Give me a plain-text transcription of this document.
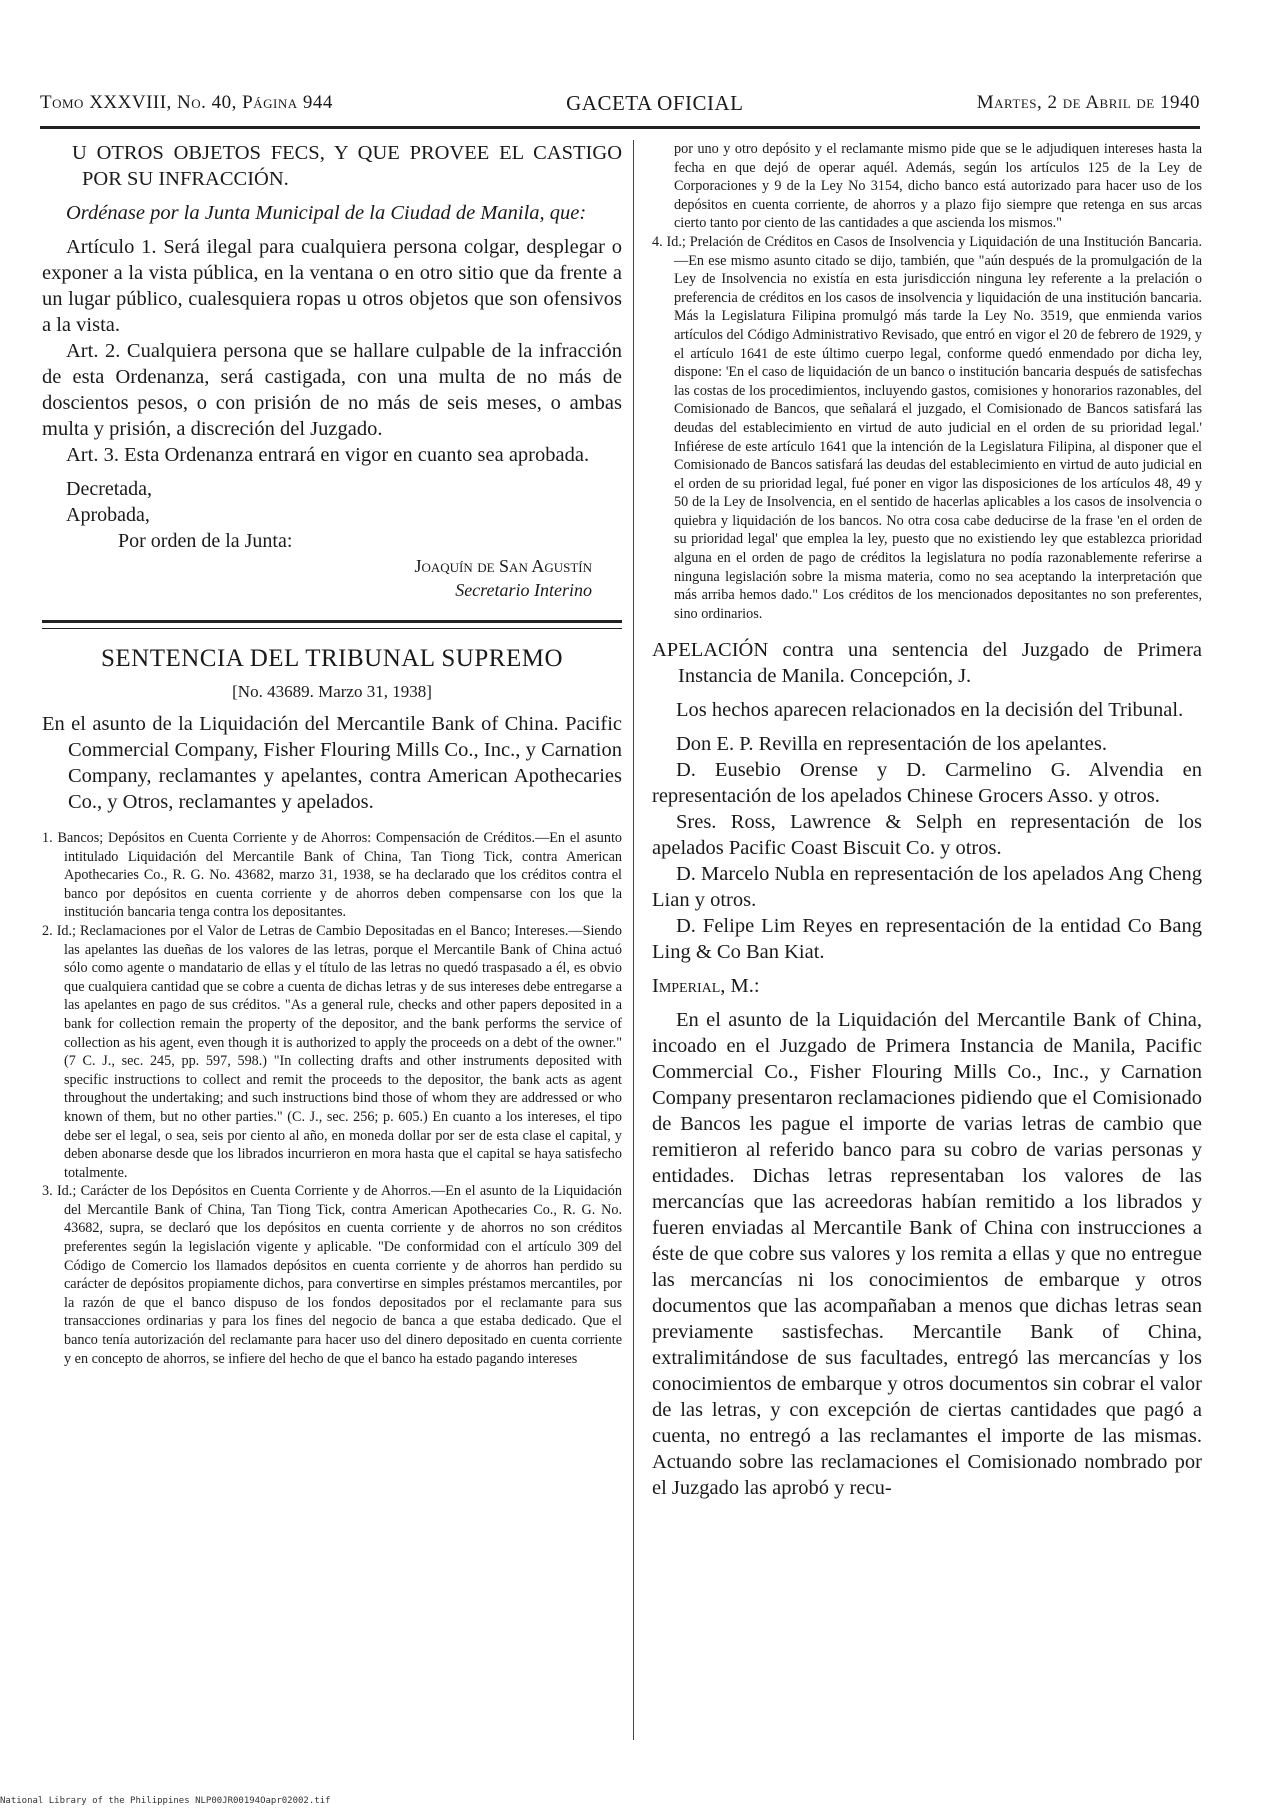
Tomo XXXVIII, No. 40, Página 944	GACETA OFICIAL	Martes, 2 de Abril de 1940

U OTROS OBJETOS FECS, Y QUE PROVEE EL CASTIGO POR SU INFRACCIÓN.

Ordénase por la Junta Municipal de la Ciudad de Manila, que:

Artículo 1. Será ilegal para cualquiera persona colgar, desplegar o exponer a la vista pública, en la ventana o en otro sitio que da frente a un lugar público, cualesquiera ropas u otros objetos que son ofensivos a la vista.

Art. 2. Cualquiera persona que se hallare culpable de la infracción de esta Ordenanza, será castigada, con una multa de no más de doscientos pesos, o con prisión de no más de seis meses, o ambas multa y prisión, a discreción del Juzgado.

Art. 3. Esta Ordenanza entrará en vigor en cuanto sea aprobada.

Decretada,

Aprobada,

Por orden de la Junta:

Joaquín de San Agustín

Secretario Interino

SENTENCIA DEL TRIBUNAL SUPREMO

[No. 43689. Marzo 31, 1938]

En el asunto de la Liquidación del Mercantile Bank of China. Pacific Commercial Company, Fisher Flouring Mills Co., Inc., y Carnation Company, reclamantes y apelantes, contra American Apothecaries Co., y Otros, reclamantes y apelados.

1. Bancos; Depósitos en Cuenta Corriente y de Ahorros: Compensación de Créditos.—En el asunto intitulado Liquidación del Mercantile Bank of China, Tan Tiong Tick, contra American Apothecaries Co., R. G. No. 43682, marzo 31, 1938, se ha declarado que los créditos contra el banco por depósitos en cuenta corriente y de ahorros deben compensarse con los que la institución bancaria tenga contra los depositantes.

2. Id.; Reclamaciones por el Valor de Letras de Cambio Depositadas en el Banco; Intereses.—Siendo las apelantes las dueñas de los valores de las letras, porque el Mercantile Bank of China actuó sólo como agente o mandatario de ellas y el título de las letras no quedó traspasado a él, es obvio que cualquiera cantidad que se cobre a cuenta de dichas letras y de sus intereses debe entregarse a las apelantes en pago de sus créditos. "As a general rule, checks and other papers deposited in a bank for collection remain the property of the depositor, and the bank performs the service of collection as his agent, even though it is authorized to apply the proceeds on a debt of the owner." (7 C. J., sec. 245, pp. 597, 598.) "In collecting drafts and other instruments deposited with specific instructions to collect and remit the proceeds to the depositor, the bank acts as agent throughout the undertaking; and such instructions bind those of whom they are addressed or who known of them, but no other parties." (C. J., sec. 256; p. 605.) En cuanto a los intereses, el tipo debe ser el legal, o sea, seis por ciento al año, en moneda dollar por ser de esta clase el capital, y deben abonarse desde que los librados incurrieron en mora hasta que el capital se haya satisfecho totalmente.

3. Id.; Carácter de los Depósitos en Cuenta Corriente y de Ahorros.—En el asunto de la Liquidación del Mercantile Bank of China, Tan Tiong Tick, contra American Apothecaries Co., R. G. No. 43682, supra, se declaró que los depósitos en cuenta corriente y de ahorros no son créditos preferentes según la legislación vigente y aplicable. "De conformidad con el artículo 309 del Código de Comercio los llamados depósitos en cuenta corriente y de ahorros han perdido su carácter de depósitos propiamente dichos, para convertirse en simples préstamos mercantiles, por la razón de que el banco dispuso de los fondos depositados por el reclamante para sus transacciones ordinarias y para los fines del negocio de banca a que estaba dedicado. Que el banco tenía autorización del reclamante para hacer uso del dinero depositado en cuenta corriente y en concepto de ahorros, se infiere del hecho de que el banco ha estado pagando intereses

por uno y otro depósito y el reclamante mismo pide que se le adjudiquen intereses hasta la fecha en que dejó de operar aquél. Además, según los artículos 125 de la Ley de Corporaciones y 9 de la Ley No 3154, dicho banco está autorizado para hacer uso de los depósitos en cuenta corriente, de ahorros y a plazo fijo siempre que retenga en sus arcas cierto tanto por ciento de las cantidades a que ascienda los mismos."

4. Id.; Prelación de Créditos en Casos de Insolvencia y Liquidación de una Institución Bancaria.—En ese mismo asunto citado se dijo, también, que "aún después de la promulgación de la Ley de Insolvencia no existía en esta jurisdicción ninguna ley referente a la prelación o preferencia de créditos en los casos de insolvencia y liquidación de una institución bancaria. Más la Legislatura Filipina promulgó más tarde la Ley No. 3519, que enmienda varios artículos del Código Administrativo Revisado, que entró en vigor el 20 de febrero de 1929, y el artículo 1641 de este último cuerpo legal, conforme quedó enmendado por dicha ley, dispone: 'En el caso de liquidación de un banco o institución bancaria después de satisfechas las costas de los procedimientos, incluyendo gastos, comisiones y honorarios razonables, del Comisionado de Bancos, que señalará el juzgado, el Comisionado de Bancos satisfará las deudas del establecimiento en virtud de auto judicial en el orden de su prioridad legal.' Infiérese de este artículo 1641 que la intención de la Legislatura Filipina, al disponer que el Comisionado de Bancos satisfará las deudas del establecimiento en virtud de auto judicial en el orden de su prioridad legal, fué poner en vigor las disposiciones de los artículos 48, 49 y 50 de la Ley de Insolvencia, en el sentido de hacerlas aplicables a los casos de insolvencia o quiebra y liquidación de los bancos. No otra cosa cabe deducirse de la frase 'en el orden de su prioridad legal' que emplea la ley, puesto que no existiendo ley que establezca prioridad alguna en el orden de pago de créditos la legislatura no podía razonablemente referirse a ninguna legislación sobre la misma materia, como no sea aceptando la interpretación que más arriba hemos dado." Los créditos de los mencionados depositantes no son preferentes, sino ordinarios.

APELACIÓN contra una sentencia del Juzgado de Primera Instancia de Manila. Concepción, J.

Los hechos aparecen relacionados en la decisión del Tribunal.

Don E. P. Revilla en representación de los apelantes.

D. Eusebio Orense y D. Carmelino G. Alvendia en representación de los apelados Chinese Grocers Asso. y otros.

Sres. Ross, Lawrence & Selph en representación de los apelados Pacific Coast Biscuit Co. y otros.

D. Marcelo Nubla en representación de los apelados Ang Cheng Lian y otros.

D. Felipe Lim Reyes en representación de la entidad Co Bang Ling & Co Ban Kiat.

Imperial, M.:

En el asunto de la Liquidación del Mercantile Bank of China, incoado en el Juzgado de Primera Instancia de Manila, Pacific Commercial Co., Fisher Flouring Mills Co., Inc., y Carnation Company presentaron reclamaciones pidiendo que el Comisionado de Bancos les pague el importe de varias letras de cambio que remitieron al referido banco para su cobro de varias personas y entidades. Dichas letras representaban los valores de las mercancías que las acreedoras habían remitido a los librados y fueren enviadas al Mercantile Bank of China con instrucciones a éste de que cobre sus valores y los remita a ellas y que no entregue las mercancías ni los conocimientos de embarque y otros documentos que las acompañaban a menos que dichas letras sean previamente sastisfechas. Mercantile Bank of China, extralimitándose de sus facultades, entregó las mercancías y los conocimientos de embarque y otros documentos sin cobrar el valor de las letras, y con excepción de ciertas cantidades que pagó a cuenta, no entregó a las reclamantes el importe de las mismas. Actuando sobre las reclamaciones el Comisionado nombrado por el Juzgado las aprobó y recu-

National Library of the Philippines NLP00JR00194Oapr02002.tif
